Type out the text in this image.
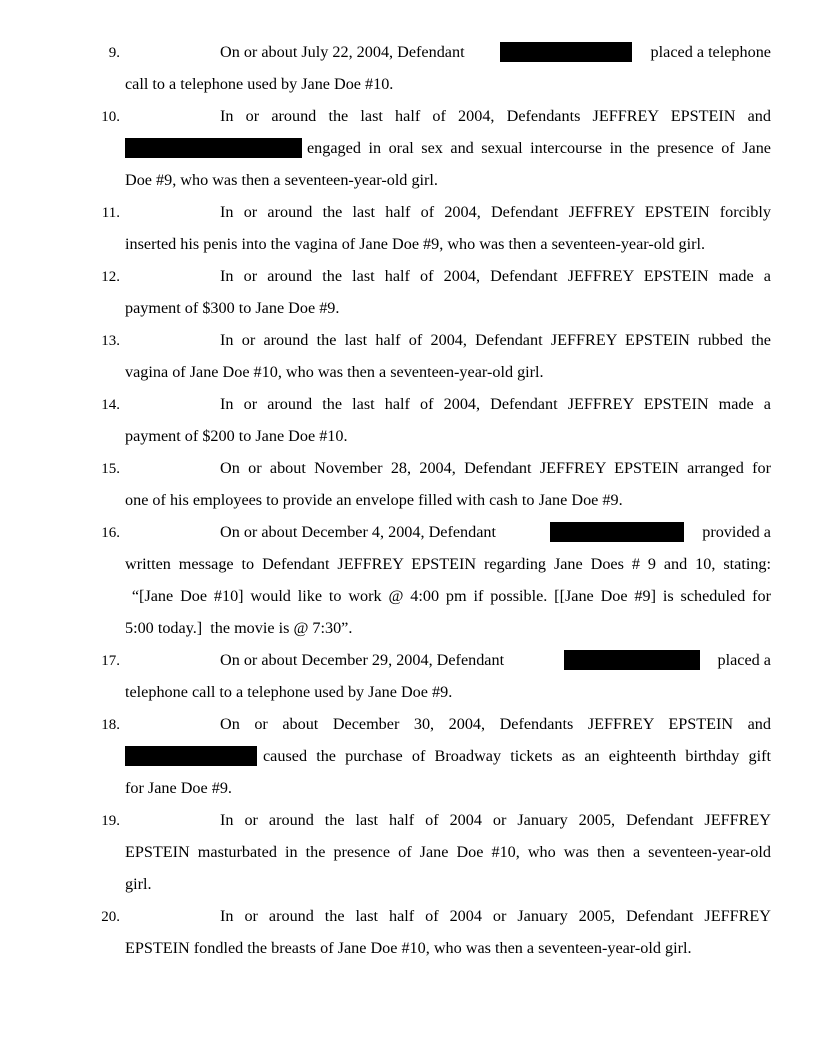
9.	On or about July 22, 2004, Defendant	placed a telephone
call to a telephone used by Jane Doe #10.
10.	In or around the last half of 2004, Defendants JEFFREY EPSTEIN and
engaged in oral sex and sexual intercourse in the presence of Jane
Doe #9, who was then a seventeen-year-old girl.
11.	In or around the last half of 2004, Defendant JEFFREY EPSTEIN forcibly
inserted his penis into the vagina of Jane Doe #9, who was then a seventeen-year-old girl.
12.	In or around the last half of 2004, Defendant JEFFREY EPSTEIN made a
payment of $300 to Jane Doe #9.
13.	In or around the last half of 2004, Defendant JEFFREY EPSTEIN rubbed the
vagina of Jane Doe #10, who was then a seventeen-year-old girl.
14.	In or around the last half of 2004, Defendant JEFFREY EPSTEIN made a
payment of $200 to Jane Doe #10.
15.	On or about November 28, 2004, Defendant JEFFREY EPSTEIN arranged for
one of his employees to provide an envelope filled with cash to Jane Doe #9.
16.	On or about December 4, 2004, Defendant	provided a
written message to Defendant JEFFREY EPSTEIN regarding Jane Does # 9 and 10, stating:
“[Jane Doe #10] would like to work @ 4:00 pm if possible. [[Jane Doe #9] is scheduled for
5:00 today.]  the movie is @ 7:30”.
17.	On or about December 29, 2004, Defendant	placed a
telephone call to a telephone used by Jane Doe #9.
18.	On or about December 30, 2004, Defendants JEFFREY EPSTEIN and
caused the purchase of Broadway tickets as an eighteenth birthday gift
for Jane Doe #9.
19.	In or around the last half of 2004 or January 2005, Defendant JEFFREY
EPSTEIN masturbated in the presence of Jane Doe #10, who was then a seventeen-year-old
girl.
20.	In or around the last half of 2004 or January 2005, Defendant JEFFREY
EPSTEIN fondled the breasts of Jane Doe #10, who was then a seventeen-year-old girl.
